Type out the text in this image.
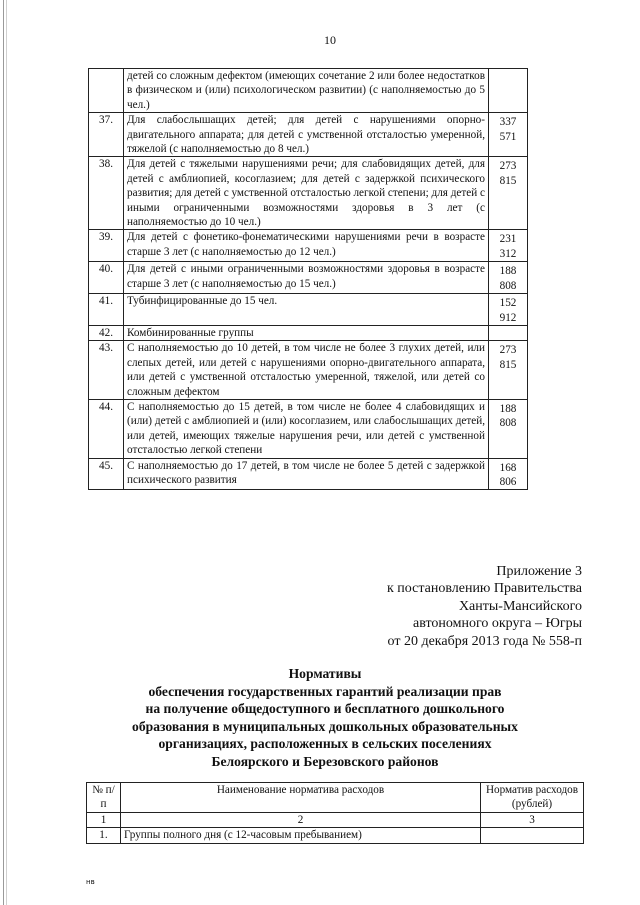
10
	детей со сложным дефектом (имеющих сочетание 2 или более недостатков в физическом и (или) психологическом развитии) (с наполняемостью до 5 чел.)	
37.	Для слабослышащих детей; для детей с нарушениями опорно-двигательного аппарата; для детей с умственной отсталостью умеренной, тяжелой (с наполняемостью до 8 чел.)	337 571
38.	Для детей с тяжелыми нарушениями речи; для слабовидящих детей, для детей с амблиопией, косоглазием; для детей с задержкой психического развития; для детей с умственной отсталостью легкой степени; для детей с иными ограниченными возможностями здоровья в 3 лет (с наполняемостью до 10 чел.)	273 815
39.	Для детей с фонетико-фонематическими нарушениями речи в возрасте старше 3 лет (с наполняемостью до 12 чел.)	231 312
40.	Для детей с иными ограниченными возможностями здоровья в возрасте старше 3 лет (с наполняемостью до 15 чел.)	188 808
41.	Тубинфицированные до 15 чел.	152 912
42.	Комбинированные группы	
43.	С наполняемостью до 10 детей, в том числе не более 3 глухих детей, или слепых детей, или детей с нарушениями опорно-двигательного аппарата, или детей с умственной отсталостью умеренной, тяжелой, или детей со сложным дефектом	273 815
44.	С наполняемостью до 15 детей, в том числе не более 4 слабовидящих и (или) детей с амблиопией и (или) косоглазием, или слабослышащих детей, или детей, имеющих тяжелые нарушения речи, или детей с умственной отсталостью легкой степени	188 808
45.	С наполняемостью до 17 детей, в том числе не более 5 детей с задержкой психического развития	168 806
Приложение 3
к постановлению Правительства
Ханты-Мансийского
автономного округа – Югры
от 20 декабря 2013 года № 558-п
Нормативы
обеспечения государственных гарантий реализации прав
на получение общедоступного и бесплатного дошкольного
образования в муниципальных дошкольных образовательных
организациях, расположенных в сельских поселениях
Белоярского и Березовского районов
№ п/п	Наименование норматива расходов	Норматив расходов (рублей)
1	2	3
1.	Группы полного дня (с 12-часовым пребыванием)	
нв
